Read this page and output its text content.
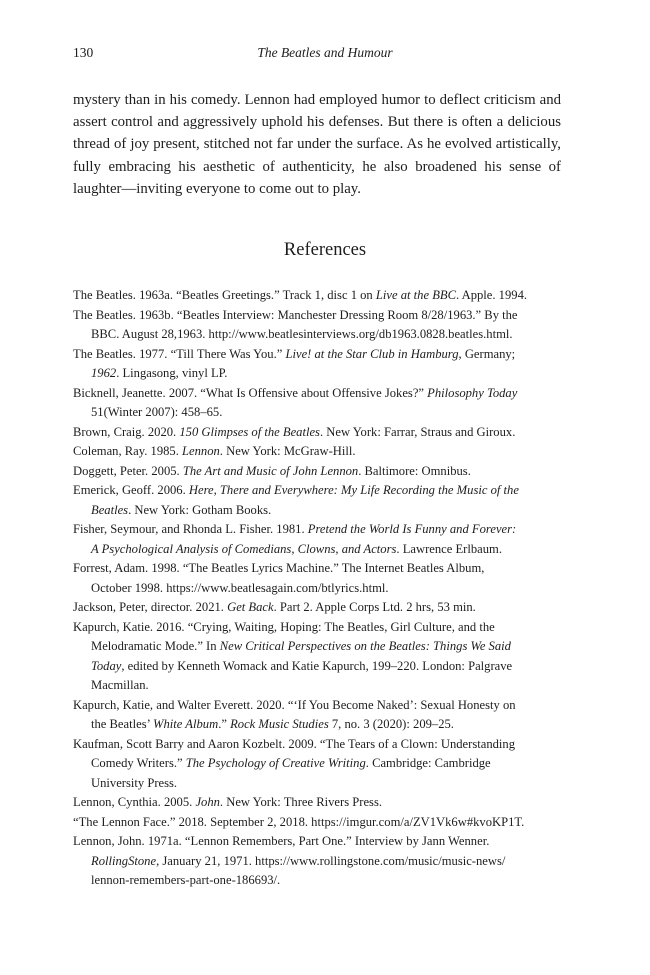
130	The Beatles and Humour

mystery than in his comedy. Lennon had employed humor to deflect criticism and assert control and aggressively uphold his defenses. But there is often a delicious thread of joy present, stitched not far under the surface. As he evolved artistically, fully embracing his aesthetic of authenticity, he also broadened his sense of laughter—inviting everyone to come out to play.

References
The Beatles. 1963a. “Beatles Greetings.” Track 1, disc 1 on Live at the BBC. Apple. 1994.
The Beatles. 1963b. “Beatles Interview: Manchester Dressing Room 8/28/1963.” By the
BBC. August 28,1963. http://www.beatlesinterviews.org/db1963.0828.beatles.html.
The Beatles. 1977. “Till There Was You.” Live! at the Star Club in Hamburg, Germany;
1962. Lingasong, vinyl LP.
Bicknell, Jeanette. 2007. “What Is Offensive about Offensive Jokes?” Philosophy Today
51(Winter 2007): 458–65.
Brown, Craig. 2020. 150 Glimpses of the Beatles. New York: Farrar, Straus and Giroux.
Coleman, Ray. 1985. Lennon. New York: McGraw-Hill.
Doggett, Peter. 2005. The Art and Music of John Lennon. Baltimore: Omnibus.
Emerick, Geoff. 2006. Here, There and Everywhere: My Life Recording the Music of the
Beatles. New York: Gotham Books.
Fisher, Seymour, and Rhonda L. Fisher. 1981. Pretend the World Is Funny and Forever:
A Psychological Analysis of Comedians, Clowns, and Actors. Lawrence Erlbaum.
Forrest, Adam. 1998. “The Beatles Lyrics Machine.” The Internet Beatles Album,
October 1998. https://www.beatlesagain.com/btlyrics.html.
Jackson, Peter, director. 2021. Get Back. Part 2. Apple Corps Ltd. 2 hrs, 53 min.
Kapurch, Katie. 2016. “Crying, Waiting, Hoping: The Beatles, Girl Culture, and the
Melodramatic Mode.” In New Critical Perspectives on the Beatles: Things We Said
Today, edited by Kenneth Womack and Katie Kapurch, 199–220. London: Palgrave
Macmillan.
Kapurch, Katie, and Walter Everett. 2020. “‘If You Become Naked’: Sexual Honesty on
the Beatles’ White Album.” Rock Music Studies 7, no. 3 (2020): 209–25.
Kaufman, Scott Barry and Aaron Kozbelt. 2009. “The Tears of a Clown: Understanding
Comedy Writers.” The Psychology of Creative Writing. Cambridge: Cambridge
University Press.
Lennon, Cynthia. 2005. John. New York: Three Rivers Press.
“The Lennon Face.” 2018. September 2, 2018. https://imgur.com/a/ZV1Vk6w#kvoKP1T.
Lennon, John. 1971a. “Lennon Remembers, Part One.” Interview by Jann Wenner.
RollingStone, January 21, 1971. https://www.rollingstone.com/music/music-news/
lennon-remembers-part-one-186693/.
